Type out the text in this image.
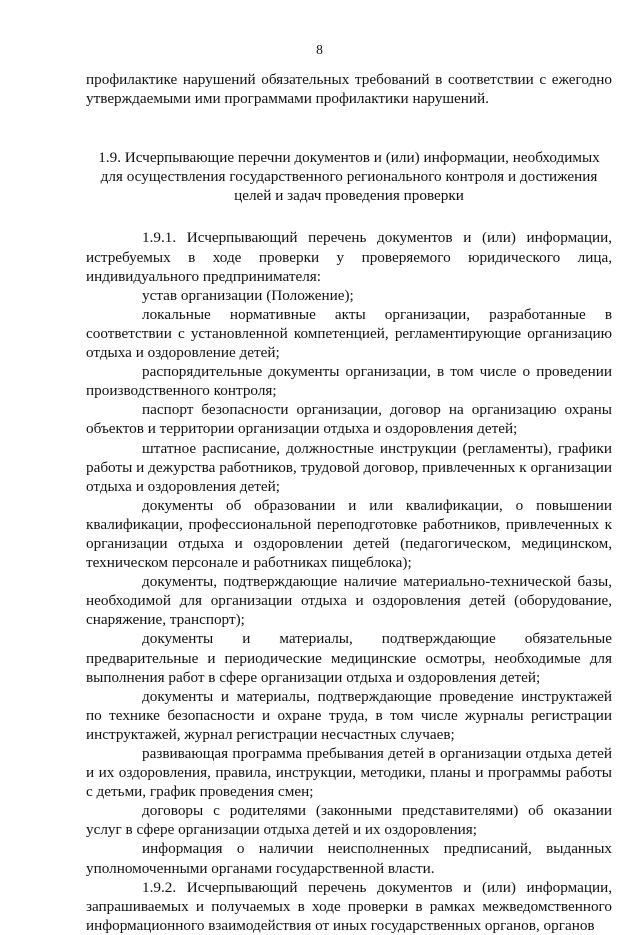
8

профилактике нарушений обязательных требований в соответствии с ежегодно утверждаемыми ими программами профилактики нарушений.

1.9. Исчерпывающие перечни документов и (или) информации, необходимых для осуществления государственного регионального контроля и достижения целей и задач проведения проверки

1.9.1. Исчерпывающий перечень документов и (или) информации, истребуемых в ходе проверки у проверяемого юридического лица, индивидуального предпринимателя:

устав организации (Положение);

локальные нормативные акты организации, разработанные в соответствии с установленной компетенцией, регламентирующие организацию отдыха и оздоровление детей;

распорядительные документы организации, в том числе о проведении производственного контроля;

паспорт безопасности организации, договор на организацию охраны объектов и территории организации отдыха и оздоровления детей;

штатное расписание, должностные инструкции (регламенты), графики работы и дежурства работников, трудовой договор, привлеченных к организации отдыха и оздоровления детей;

документы об образовании и или квалификации, о повышении квалификации, профессиональной переподготовке работников, привлеченных к организации отдыха и оздоровлении детей (педагогическом, медицинском, техническом персонале и работниках пищеблока);

документы, подтверждающие наличие материально-технической базы, необходимой для организации отдыха и оздоровления детей (оборудование, снаряжение, транспорт);

документы и материалы, подтверждающие обязательные предварительные и периодические медицинские осмотры, необходимые для выполнения работ в сфере организации отдыха и оздоровления детей;

документы и материалы, подтверждающие проведение инструктажей по технике безопасности и охране труда, в том числе журналы регистрации инструктажей, журнал регистрации несчастных случаев;

развивающая программа пребывания детей в организации отдыха детей и их оздоровления, правила, инструкции, методики, планы и программы работы с детьми, график проведения смен;

договоры с родителями (законными представителями) об оказании услуг в сфере организации отдыха детей и их оздоровления;

информация о наличии неисполненных предписаний, выданных уполномоченными органами государственной власти.

1.9.2. Исчерпывающий перечень документов и (или) информации, запрашиваемых и получаемых в ходе проверки в рамках межведомственного информационного взаимодействия от иных государственных органов, органов
